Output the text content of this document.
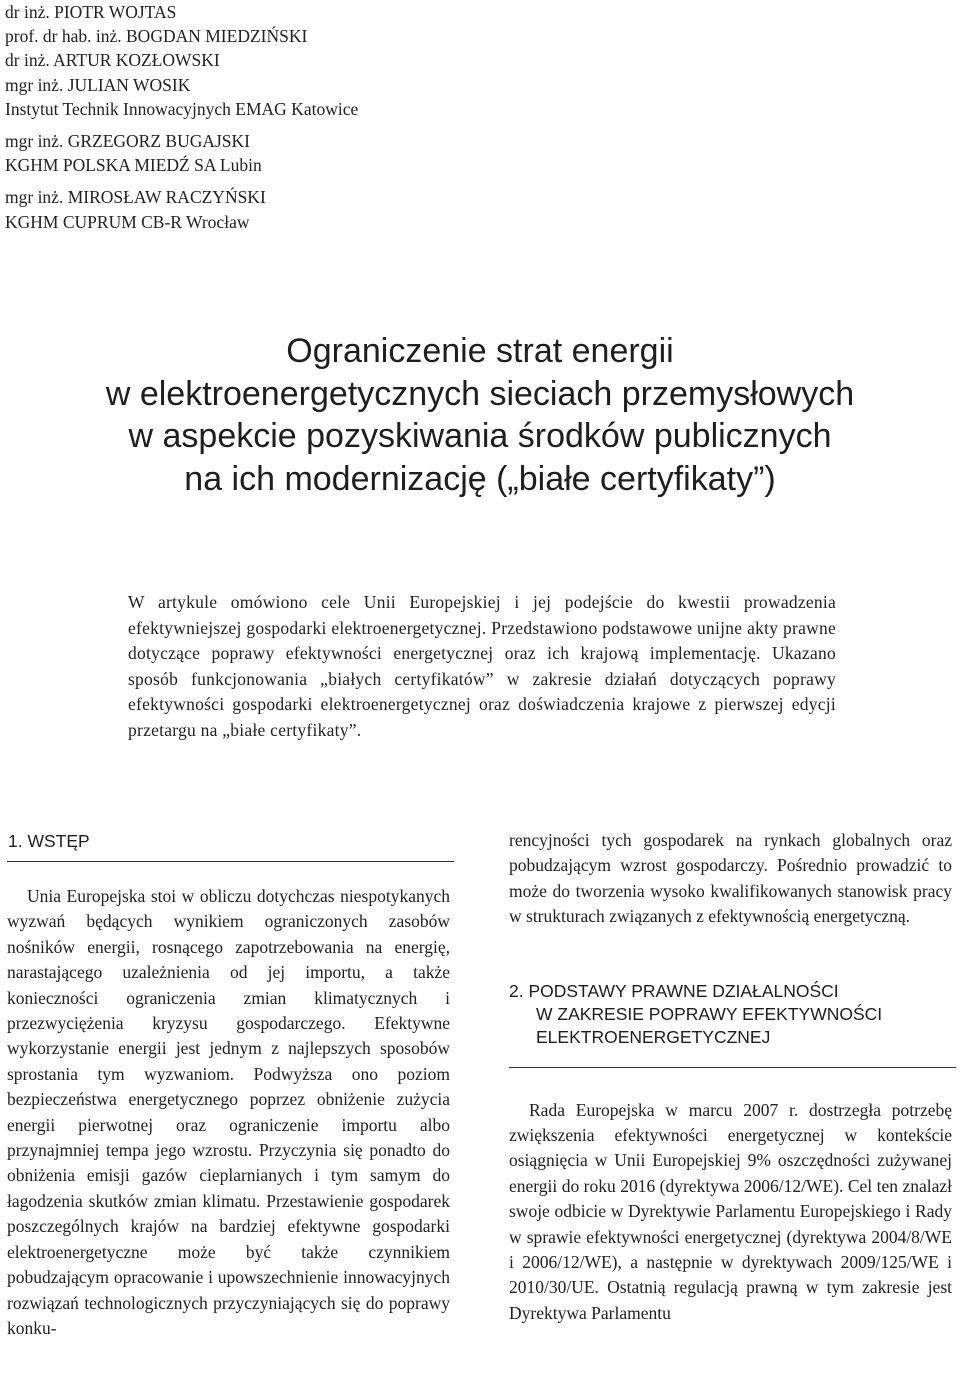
dr inż. PIOTR WOJTAS
prof. dr hab. inż. BOGDAN MIEDZIŃSKI
dr inż. ARTUR KOZŁOWSKI
mgr inż. JULIAN WOSIK
Instytut Technik Innowacyjnych EMAG Katowice
mgr inż. GRZEGORZ BUGAJSKI
KGHM POLSKA MIEDŹ SA Lubin
mgr inż. MIROSŁAW RACZYŃSKI
KGHM CUPRUM CB-R Wrocław
Ograniczenie strat energii
w elektroenergetycznych sieciach przemysłowych
w aspekcie pozyskiwania środków publicznych
na ich modernizację („białe certyfikaty”)

W artykule omówiono cele Unii Europejskiej i jej podejście do kwestii prowadzenia efektywniejszej gospodarki elektroenergetycznej. Przedstawiono podstawowe unijne akty prawne dotyczące poprawy efektywności energetycznej oraz ich krajową implementację. Ukazano sposób funkcjonowania „białych certyfikatów” w zakresie działań dotyczących poprawy efektywności gospodarki elektroenergetycznej oraz doświadczenia krajowe z pierwszej edycji przetargu na „białe certyfikaty”.

1. WSTĘP

Unia Europejska stoi w obliczu dotychczas niespotykanych wyzwań będących wynikiem ograniczonych zasobów nośników energii, rosnącego zapotrzebowania na energię, narastającego uzależnienia od jej importu, a także konieczności ograniczenia zmian klimatycznych i przezwyciężenia kryzysu gospodarczego. Efektywne wykorzystanie energii jest jednym z najlepszych sposobów sprostania tym wyzwaniom. Podwyższa ono poziom bezpieczeństwa energetycznego poprzez obniżenie zużycia energii pierwotnej oraz ograniczenie importu albo przynajmniej tempa jego wzrostu. Przyczynia się ponadto do obniżenia emisji gazów cieplarnianych i tym samym do łagodzenia skutków zmian klimatu. Przestawienie gospodarek poszczególnych krajów na bardziej efektywne gospodarki elektroenergetyczne może być także czynnikiem pobudzającym opracowanie i upowszechnienie innowacyjnych rozwiązań technologicznych przyczyniających się do poprawy konku-

rencyjności tych gospodarek na rynkach globalnych oraz pobudzającym wzrost gospodarczy. Pośrednio prowadzić to może do tworzenia wysoko kwalifikowanych stanowisk pracy w strukturach związanych z efektywnością energetyczną.

2. PODSTAWY PRAWNE DZIAŁALNOŚCI
W ZAKRESIE POPRAWY EFEKTYWNOŚCI
ELEKTROENERGETYCZNEJ

Rada Europejska w marcu 2007 r. dostrzegła potrzebę zwiększenia efektywności energetycznej w kontekście osiągnięcia w Unii Europejskiej 9% oszczędności zużywanej energii do roku 2016 (dyrektywa 2006/12/WE). Cel ten znalazł swoje odbicie w Dyrektywie Parlamentu Europejskiego i Rady w sprawie efektywności energetycznej (dyrektywa 2004/8/WE i 2006/12/WE), a następnie w dyrektywach 2009/125/WE i 2010/30/UE. Ostatnią regulacją prawną w tym zakresie jest Dyrektywa Parlamentu
